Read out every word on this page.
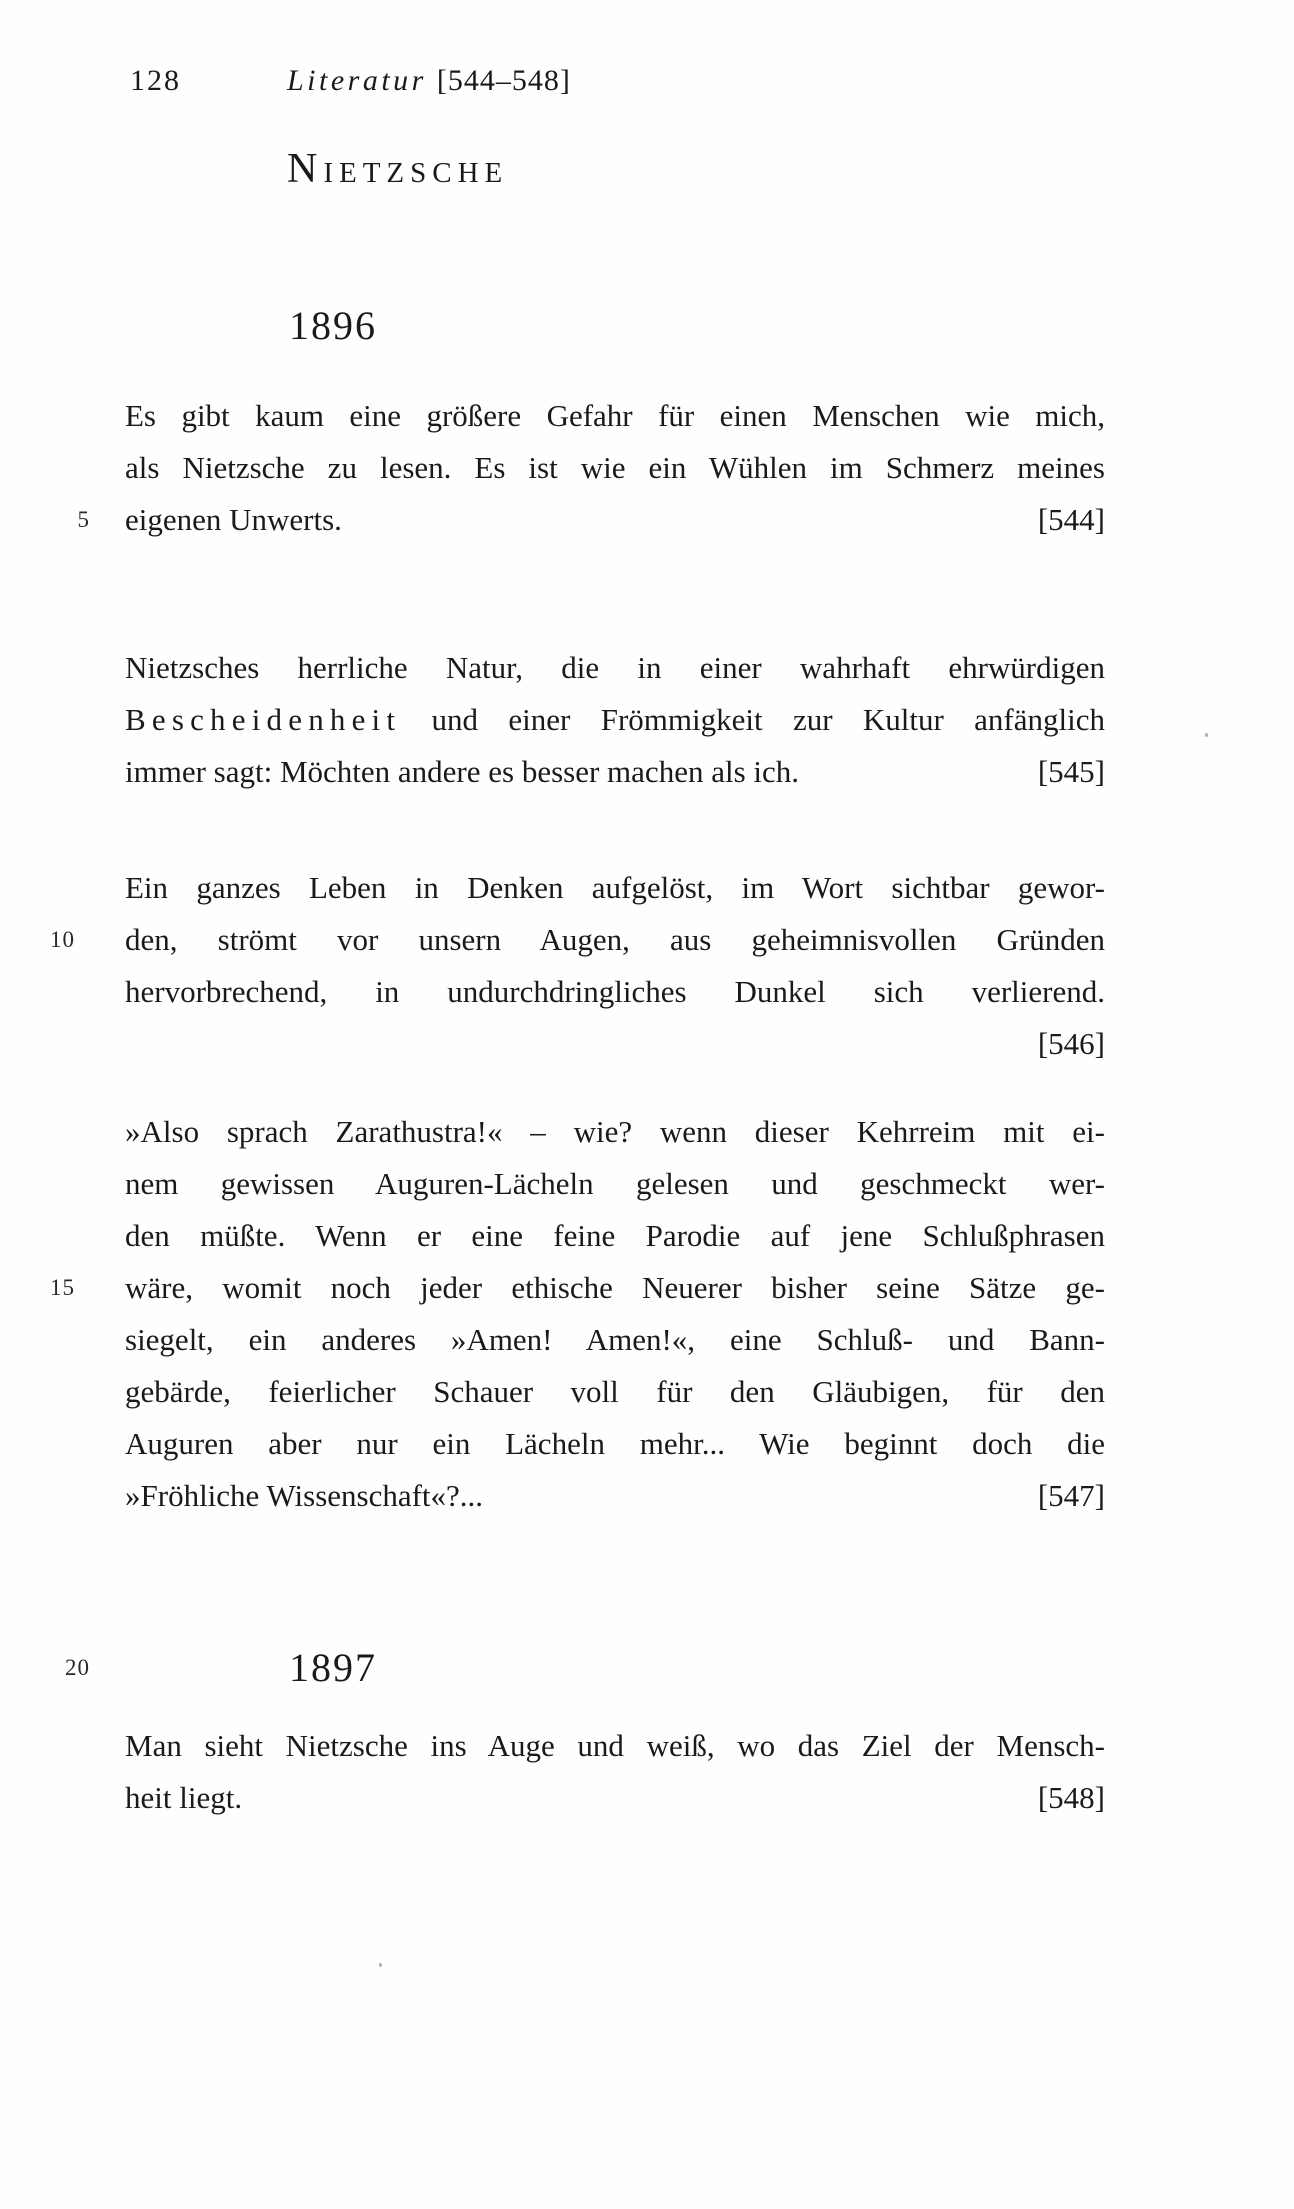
128	Literatur [544–548]
Nietzsche
1896
Es gibt kaum eine größere Gefahr für einen Menschen wie mich,
als Nietzsche zu lesen. Es ist wie ein Wühlen im Schmerz meines
5 eigenen Unwerts.	[544]
Nietzsches herrliche Natur, die in einer wahrhaft ehrwürdigen
Bescheidenheit und einer Frömmigkeit zur Kultur anfänglich
immer sagt: Möchten andere es besser machen als ich.	[545]
Ein ganzes Leben in Denken aufgelöst, im Wort sichtbar gewor-
10	den, strömt vor unsern Augen, aus geheimnisvollen Gründen
hervorbrechend, in undurchdringliches Dunkel sich verlierend.
[546]
»Also sprach Zarathustra!« – wie? wenn dieser Kehrreim mit ei-
nem gewissen Auguren-Lächeln gelesen und geschmeckt wer-
den müßte. Wenn er eine feine Parodie auf jene Schlußphrasen
15	wäre, womit noch jeder ethische Neuerer bisher seine Sätze ge-
siegelt, ein anderes »Amen! Amen!«, eine Schluß- und Bann-
gebärde, feierlicher Schauer voll für den Gläubigen, für den
Auguren aber nur ein Lächeln mehr... Wie beginnt doch die
»Fröhliche Wissenschaft«?...	[547]
20	1897
Man sieht Nietzsche ins Auge und weiß, wo das Ziel der Mensch-
heit liegt.	[548]
